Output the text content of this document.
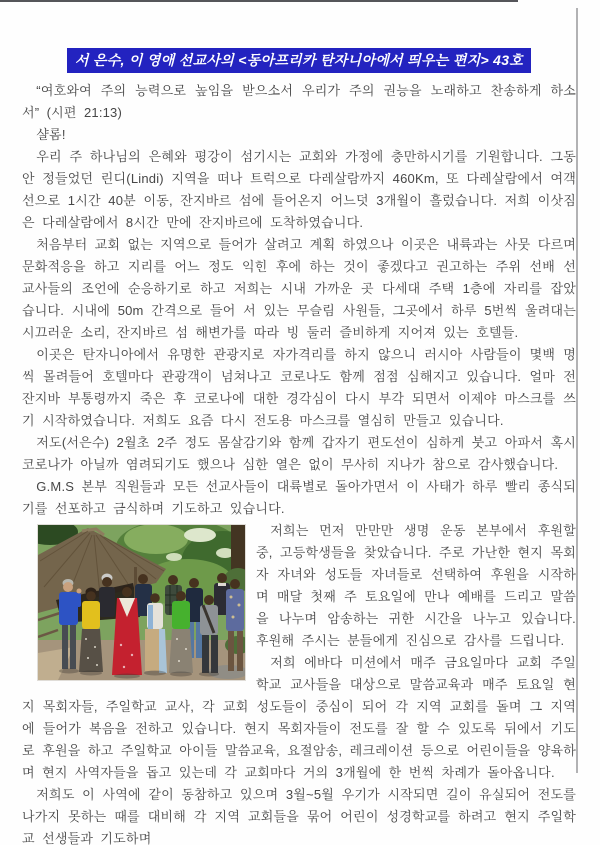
서 은수, 이 영애 선교사의 <동아프리카 탄자니아에서 띄우는 편지> 43호

“여호와여 주의 능력으로 높임을 받으소서 우리가 주의 권능을 노래하고 찬송하게 하소서” (시편 21:13)

샬롬!

우리 주 하나님의 은혜와 평강이 섬기시는 교회와 가정에 충만하시기를 기원합니다. 그동안 정들었던 린디(Lindi) 지역을 떠나 트럭으로 다레살람까지 460Km, 또 다레살람에서 여객선으로 1시간 40분 이동, 잔지바르 섬에 들어온지 어느덧 3개월이 흘렀습니다. 저희 이삿짐은 다레살람에서 8시간 만에 잔지바르에 도착하였습니다.

처음부터 교회 없는 지역으로 들어가 살려고 계획 하였으나 이곳은 내륙과는 사뭇 다르며 문화적응을 하고 지리를 어느 정도 익힌 후에 하는 것이 좋겠다고 권고하는 주위 선배 선교사들의 조언에 순응하기로 하고 저희는 시내 가까운 곳 다세대 주택 1층에 자리를 잡았습니다. 시내에 50m 간격으로 들어 서 있는 무슬림 사원들, 그곳에서 하루 5번씩 울려대는 시끄러운 소리, 잔지바르 섬 해변가를 따라 빙 둘러 즐비하게 지어져 있는 호텔들.

이곳은 탄자니아에서 유명한 관광지로 자가격리를 하지 않으니 러시아 사람들이 몇백 명씩 몰려들어 호텔마다 관광객이 넘쳐나고 코로나도 함께 점점 심해지고 있습니다. 얼마 전 잔지바 부통령까지 죽은 후 코로나에 대한 경각심이 다시 부각 되면서 이제야 마스크를 쓰기 시작하였습니다. 저희도 요즘 다시 전도용 마스크를 열심히 만들고 있습니다.

저도(서은수) 2월초 2주 정도 몸살감기와 함께 갑자기 편도선이 심하게 붓고 아파서 혹시 코로나가 아닐까 염려되기도 했으나 심한 열은 없이 무사히 지나가 참으로 감사했습니다.

G.M.S 본부 직원들과 모든 선교사들이 대륙별로 돌아가면서 이 사태가 하루 빨리 종식되기를 선포하고 금식하며 기도하고 있습니다.

저희는 먼저 만만만 생명 운동 본부에서 후원할 중, 고등학생들을 찾았습니다. 주로 가난한 현지 목회자 자녀와 성도들 자녀들로 선택하여 후원을 시작하며 매달 첫째 주 토요일에 만나 예배를 드리고 말씀을 나누며 암송하는 귀한 시간을 나누고 있습니다. 후원해 주시는 분들에게 진심으로 감사를 드립니다.

저희 에바다 미션에서 매주 금요일마다 교회 주일학교 교사들을 대상으로 말씀교육과 매주 토요일 현지 목회자들, 주일학교 교사, 각 교회 성도들이 중심이 되어 각 지역 교회를 돌며 그 지역에 들어가 복음을 전하고 있습니다. 현지 목회자들이 전도를 잘 할 수 있도록 뒤에서 기도로 후원을 하고 주일학교 아이들 말씀교육, 요절암송, 레크레이션 등으로 어린이들을 양육하며 현지 사역자들을 돕고 있는데 각 교회마다 거의 3개월에 한 번씩 차례가 돌아옵니다.

저희도 이 사역에 같이 동참하고 있으며 3월~5월 우기가 시작되면 길이 유실되어 전도를 나가지 못하는 때를 대비해 각 지역 교회들을 묶어 어린이 성경학교를 하려고 현지 주일학교 선생들과 기도하며
